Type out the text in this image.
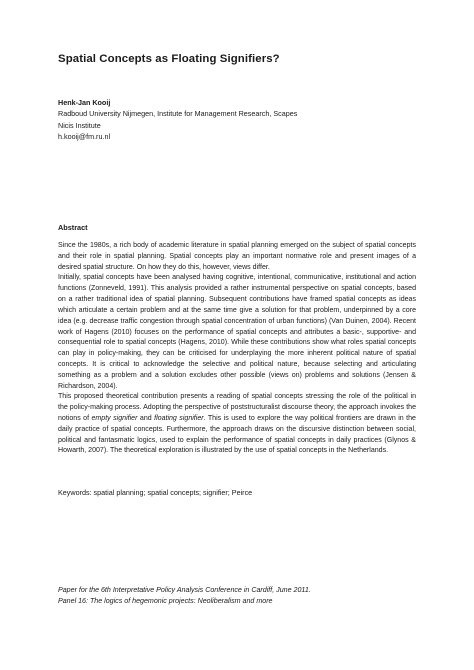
Spatial Concepts as Floating Signifiers?
Henk-Jan Kooij
Radboud University Nijmegen, Institute for Management Research, Scapes
Nicis Institute
h.kooij@fm.ru.nl
Abstract

Since the 1980s, a rich body of academic literature in spatial planning emerged on the subject of spatial concepts and their role in spatial planning. Spatial concepts play an important normative role and present images of a desired spatial structure. On how they do this, however, views differ.

Initially, spatial concepts have been analysed having cognitive, intentional, communicative, institutional and action functions (Zonneveld, 1991). This analysis provided a rather instrumental perspective on spatial concepts, based on a rather traditional idea of spatial planning. Subsequent contributions have framed spatial concepts as ideas which articulate a certain problem and at the same time give a solution for that problem, underpinned by a core idea (e.g. decrease traffic congestion through spatial concentration of urban functions) (Van Duinen, 2004). Recent work of Hagens (2010) focuses on the performance of spatial concepts and attributes a basic-, supportive- and consequential role to spatial concepts (Hagens, 2010). While these contributions show what roles spatial concepts can play in policy-making, they can be criticised for underplaying the more inherent political nature of spatial concepts. It is critical to acknowledge the selective and political nature, because selecting and articulating something as a problem and a solution excludes other possible (views on) problems and solutions (Jensen & Richardson, 2004).

This proposed theoretical contribution presents a reading of spatial concepts stressing the role of the political in the policy-making process. Adopting the perspective of poststructuralist discourse theory, the approach invokes the notions of empty signifier and floating signifier. This is used to explore the way political frontiers are drawn in the daily practice of spatial concepts. Furthermore, the approach draws on the discursive distinction between social, political and fantasmatic logics, used to explain the performance of spatial concepts in daily practices (Glynos & Howarth, 2007). The theoretical exploration is illustrated by the use of spatial concepts in the Netherlands.

Keywords: spatial planning; spatial concepts; signifier; Peirce
Paper for the 6th Interpretative Policy Analysis Conference in Cardiff, June 2011.
Panel 16: The logics of hegemonic projects: Neoliberalism and more
